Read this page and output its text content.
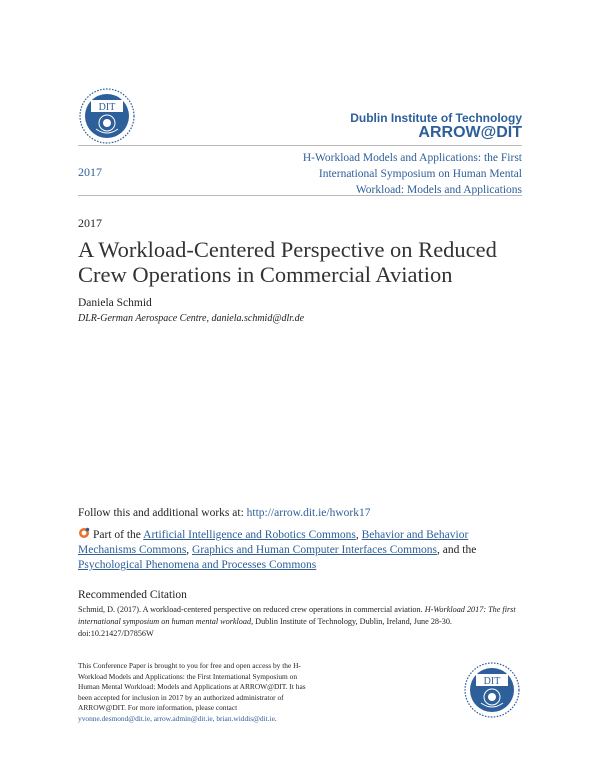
DIT
Dublin Institute of Technology
ARROW@DIT
2017
H-Workload Models and Applications: the First International Symposium on Human Mental Workload: Models and Applications
2017
A Workload-Centered Perspective on Reduced Crew Operations in Commercial Aviation
Daniela Schmid
DLR-German Aerospace Centre, daniela.schmid@dlr.de
Follow this and additional works at: http://arrow.dit.ie/hwork17
Part of the Artificial Intelligence and Robotics Commons, Behavior and Behavior Mechanisms Commons, Graphics and Human Computer Interfaces Commons, and the Psychological Phenomena and Processes Commons
Recommended Citation
Schmid, D. (2017). A workload-centered perspective on reduced crew operations in commercial aviation. H-Workload 2017: The first international symposium on human mental workload, Dublin Institute of Technology, Dublin, Ireland, June 28-30. doi:10.21427/D7856W
This Conference Paper is brought to you for free and open access by the H-Workload Models and Applications: the First International Symposium on Human Mental Workload: Models and Applications at ARROW@DIT. It has been accepted for inclusion in 2017 by an authorized administrator of ARROW@DIT. For more information, please contact yvonne.desmond@dit.ie, arrow.admin@dit.ie, brian.widdis@dit.ie.
DIT
